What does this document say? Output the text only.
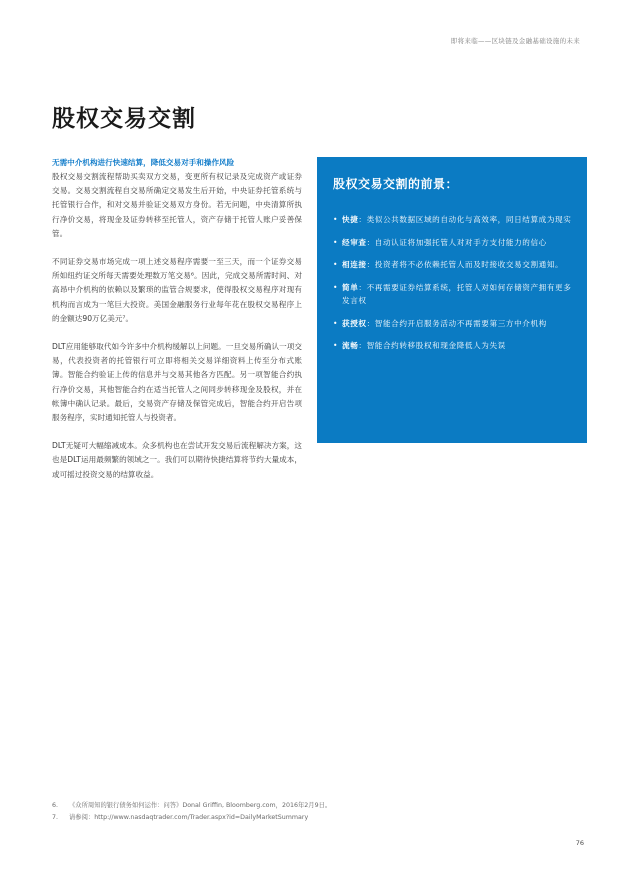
即将来临——区块链及金融基础设施的未来
股权交易交割

无需中介机构进行快速结算，降低交易对手和操作风险

股权交易交割流程帮助买卖双方交易，变更所有权记录及完成资产或证券交易。交易交割流程自交易所确定交易发生后开始，中央证券托管系统与托管银行合作，和对交易并验证交易双方身份。若无问题，中央清算所执行净价交易，将现金及证券转移至托管人，资产存储于托管人账户妥善保管。

不同证券交易市场完成一项上述交易程序需要一至三天，而一个证券交易所如纽约证交所每天需要处理数万笔交易⁶。因此，完成交易所需时间、对高昂中介机构的依赖以及繁琐的监管合规要求，使得股权交易程序对现有机构而言成为一笔巨大投资。美国金融服务行业每年花在股权交易程序上的金额达90万亿美元⁷。

DLT应用能够取代如今许多中介机构缓解以上问题。一旦交易所确认一项交易，代表投资者的托管银行可立即将相关交易详细资料上传至分布式账簿。智能合约验证上传的信息并与交易其他各方匹配。另一项智能合约执行净价交易，其他智能合约在适当托管人之间同步转移现金及股权，并在帐簿中确认记录。最后，交易资产存储及保管完成后，智能合约开启告项服务程序，实时通知托管人与投资者。

DLT无疑可大幅缩减成本。众多机构也在尝试开发交易后流程解决方案，这也是DLT运用最频繁的领域之一。我们可以期待快捷结算将节约大量成本，或可摇过投资交易的结算收益。

股权交易交割的前景：
• 快捷：类似公共数据区域的自动化与高效率，同日结算成为现实
• 经审查：自动认证将加强托管人对对手方支付能力的信心
• 相连接：投资者将不必依赖托管人而及时接收交易交割通知。
• 简单：不再需要证券结算系统，托管人对如何存储资产拥有更多发言权
• 获授权：智能合约开启服务活动不再需要第三方中介机构
• 流畅：智能合约转移股权和现金降低人为失误
6.	《众所周知的银行债务如何运作：问答》Donal Griffin, Bloomberg.com，2016年2月9日。
7.	请参阅：http://www.nasdaqtrader.com/Trader.aspx?id=DailyMarketSummary
76
